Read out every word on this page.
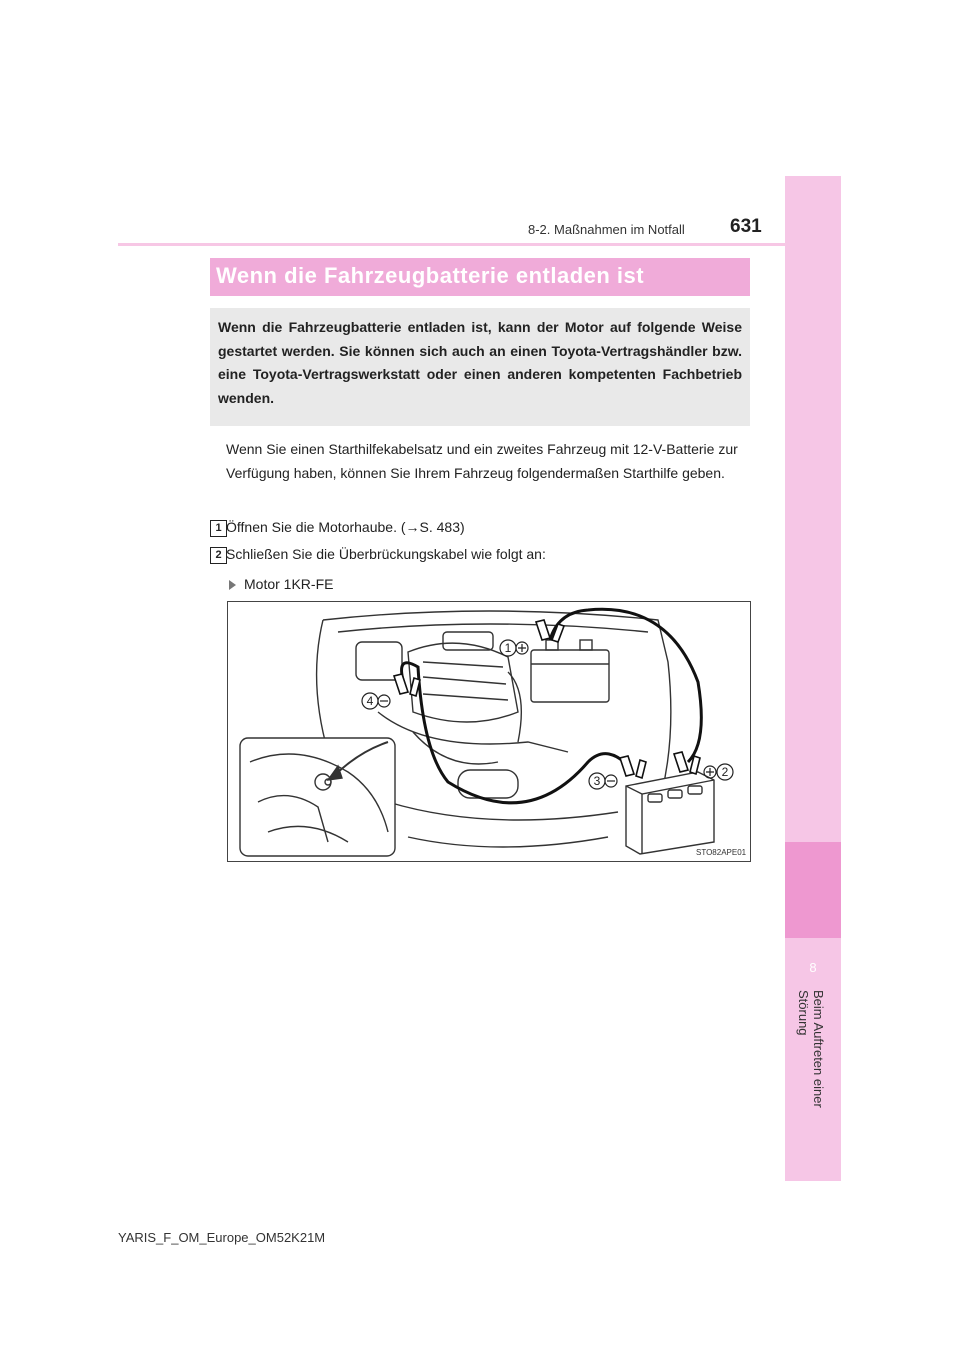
8
Beim Auftreten einer Störung
8-2. Maßnahmen im Notfall 631
Wenn die Fahrzeugbatterie entladen ist

Wenn die Fahrzeugbatterie entladen ist, kann der Motor auf folgende Weise gestartet werden. Sie können sich auch an einen Toyota-Vertragshändler bzw. eine Toyota-Vertragswerkstatt oder einen anderen kompetenten Fachbetrieb wenden.

Wenn Sie einen Starthilfekabelsatz und ein zweites Fahrzeug mit 12-V-Batterie zur Verfügung haben, können Sie Ihrem Fahrzeug folgendermaßen Starthilfe geben.

1 Öffnen Sie die Motorhaube. (→S. 483)
2 Schließen Sie die Überbrückungskabel wie folgt an:
Motor 1KR-FE
1
2
3
4
STO82APE01
YARIS_F_OM_Europe_OM52K21M
